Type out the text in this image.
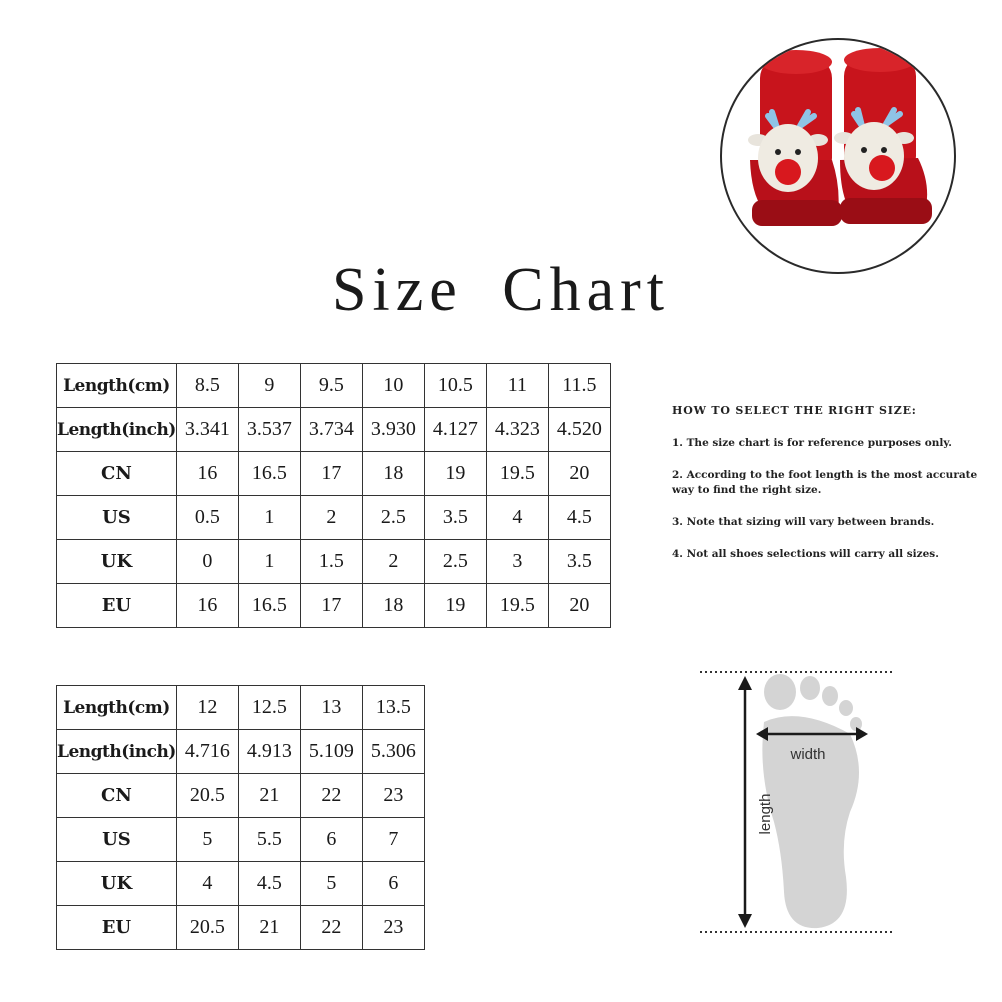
Size Chart
Length(cm)	8.5	9	9.5	10	10.5	11	11.5
Length(inch)	3.341	3.537	3.734	3.930	4.127	4.323	4.520
CN	16	16.5	17	18	19	19.5	20
US	0.5	1	2	2.5	3.5	4	4.5
UK	0	1	1.5	2	2.5	3	3.5
EU	16	16.5	17	18	19	19.5	20
Length(cm)	12	12.5	13	13.5
Length(inch)	4.716	4.913	5.109	5.306
CN	20.5	21	22	23
US	5	5.5	6	7
UK	4	4.5	5	6
EU	20.5	21	22	23
HOW TO SELECT THE RIGHT SIZE:
1. The size chart is for reference purposes only.
2. According to the foot length is the most accurate way to find the right size.
3. Note that sizing will vary between brands.
4. Not all shoes selections will carry all sizes.
width
length
